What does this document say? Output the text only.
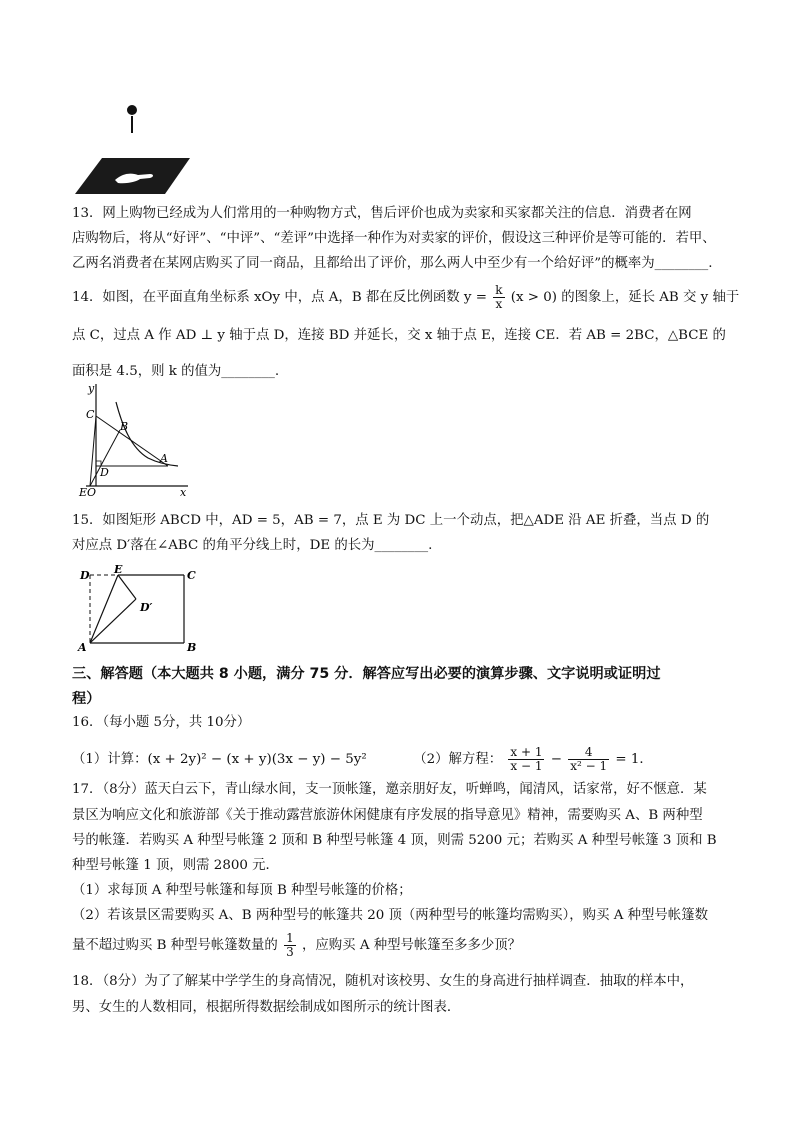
13．网上购物已经成为人们常用的一种购物方式，售后评价也成为卖家和买家都关注的信息．消费者在网
店购物后，将从“好评”、“中评”、“差评”中选择一种作为对卖家的评价，假设这三种评价是等可能的．若甲、
乙两名消费者在某网店购买了同一商品，且都给出了评价，那么两人中至少有一个给好评”的概率为________.
14．如图，在平面直角坐标系 xOy 中，点 A，B 都在反比例函数 $y = \frac{k}{x} (x > 0)$ 的图象上，延长 AB 交 y 轴于
点 C，过点 A 作 AD ⊥ y 轴于点 D，连接 BD 并延长，交 x 轴于点 E，连接 CE．若 AB = 2BC，△BCE 的
面积是 4.5，则 k 的值为________.
y
x
C
B
A
D
EO
15．如图矩形 ABCD 中，AD = 5，AB = 7，点 E 为 DC 上一个动点，把△ADE 沿 AE 折叠，当点 D 的
对应点 D′落在∠ABC 的角平分线上时，DE 的长为________.
D E	C
D′
A	B
三、解答题（本大题共 8 小题，满分 75 分．解答应写出必要的演算步骤、文字说明或证明过
程）
16．（每小题 5分，共 10分）
（1）计算：(x + 2y)² − (x + y)(3x − y) − 5y²	（2）解方程： $\frac{x + 1}{x - 1} - \frac{4}{\text{x² − 1}} = 1$．
17．（8分）蓝天白云下，青山绿水间，支一顶帐篷，邀亲朋好友，听蝉鸣，闻清风，话家常，好不惬意．某
景区为响应文化和旅游部《关于推动露营旅游休闲健康有序发展的指导意见》精神，需要购买 A、B 两种型
号的帐篷．若购买 A 种型号帐篷 2 顶和 B 种型号帐篷 4 顶，则需 5200 元；若购买 A 种型号帐篷 3 顶和 B
种型号帐篷 1 顶，则需 2800 元．
（1）求每顶 A 种型号帐篷和每顶 B 种型号帐篷的价格；
（2）若该景区需要购买 A、B 两种型号的帐篷共 20 顶（两种型号的帐篷均需购买），购买 A 种型号帐篷数
量不超过购买 B 种型号帐篷数量的 $\frac{1}{3}$ ，应购买 A 种型号帐篷至多多少顶？
18．（8分）为了了解某中学学生的身高情况，随机对该校男、女生的身高进行抽样调查．抽取的样本中，
男、女生的人数相同，根据所得数据绘制成如图所示的统计图表．
